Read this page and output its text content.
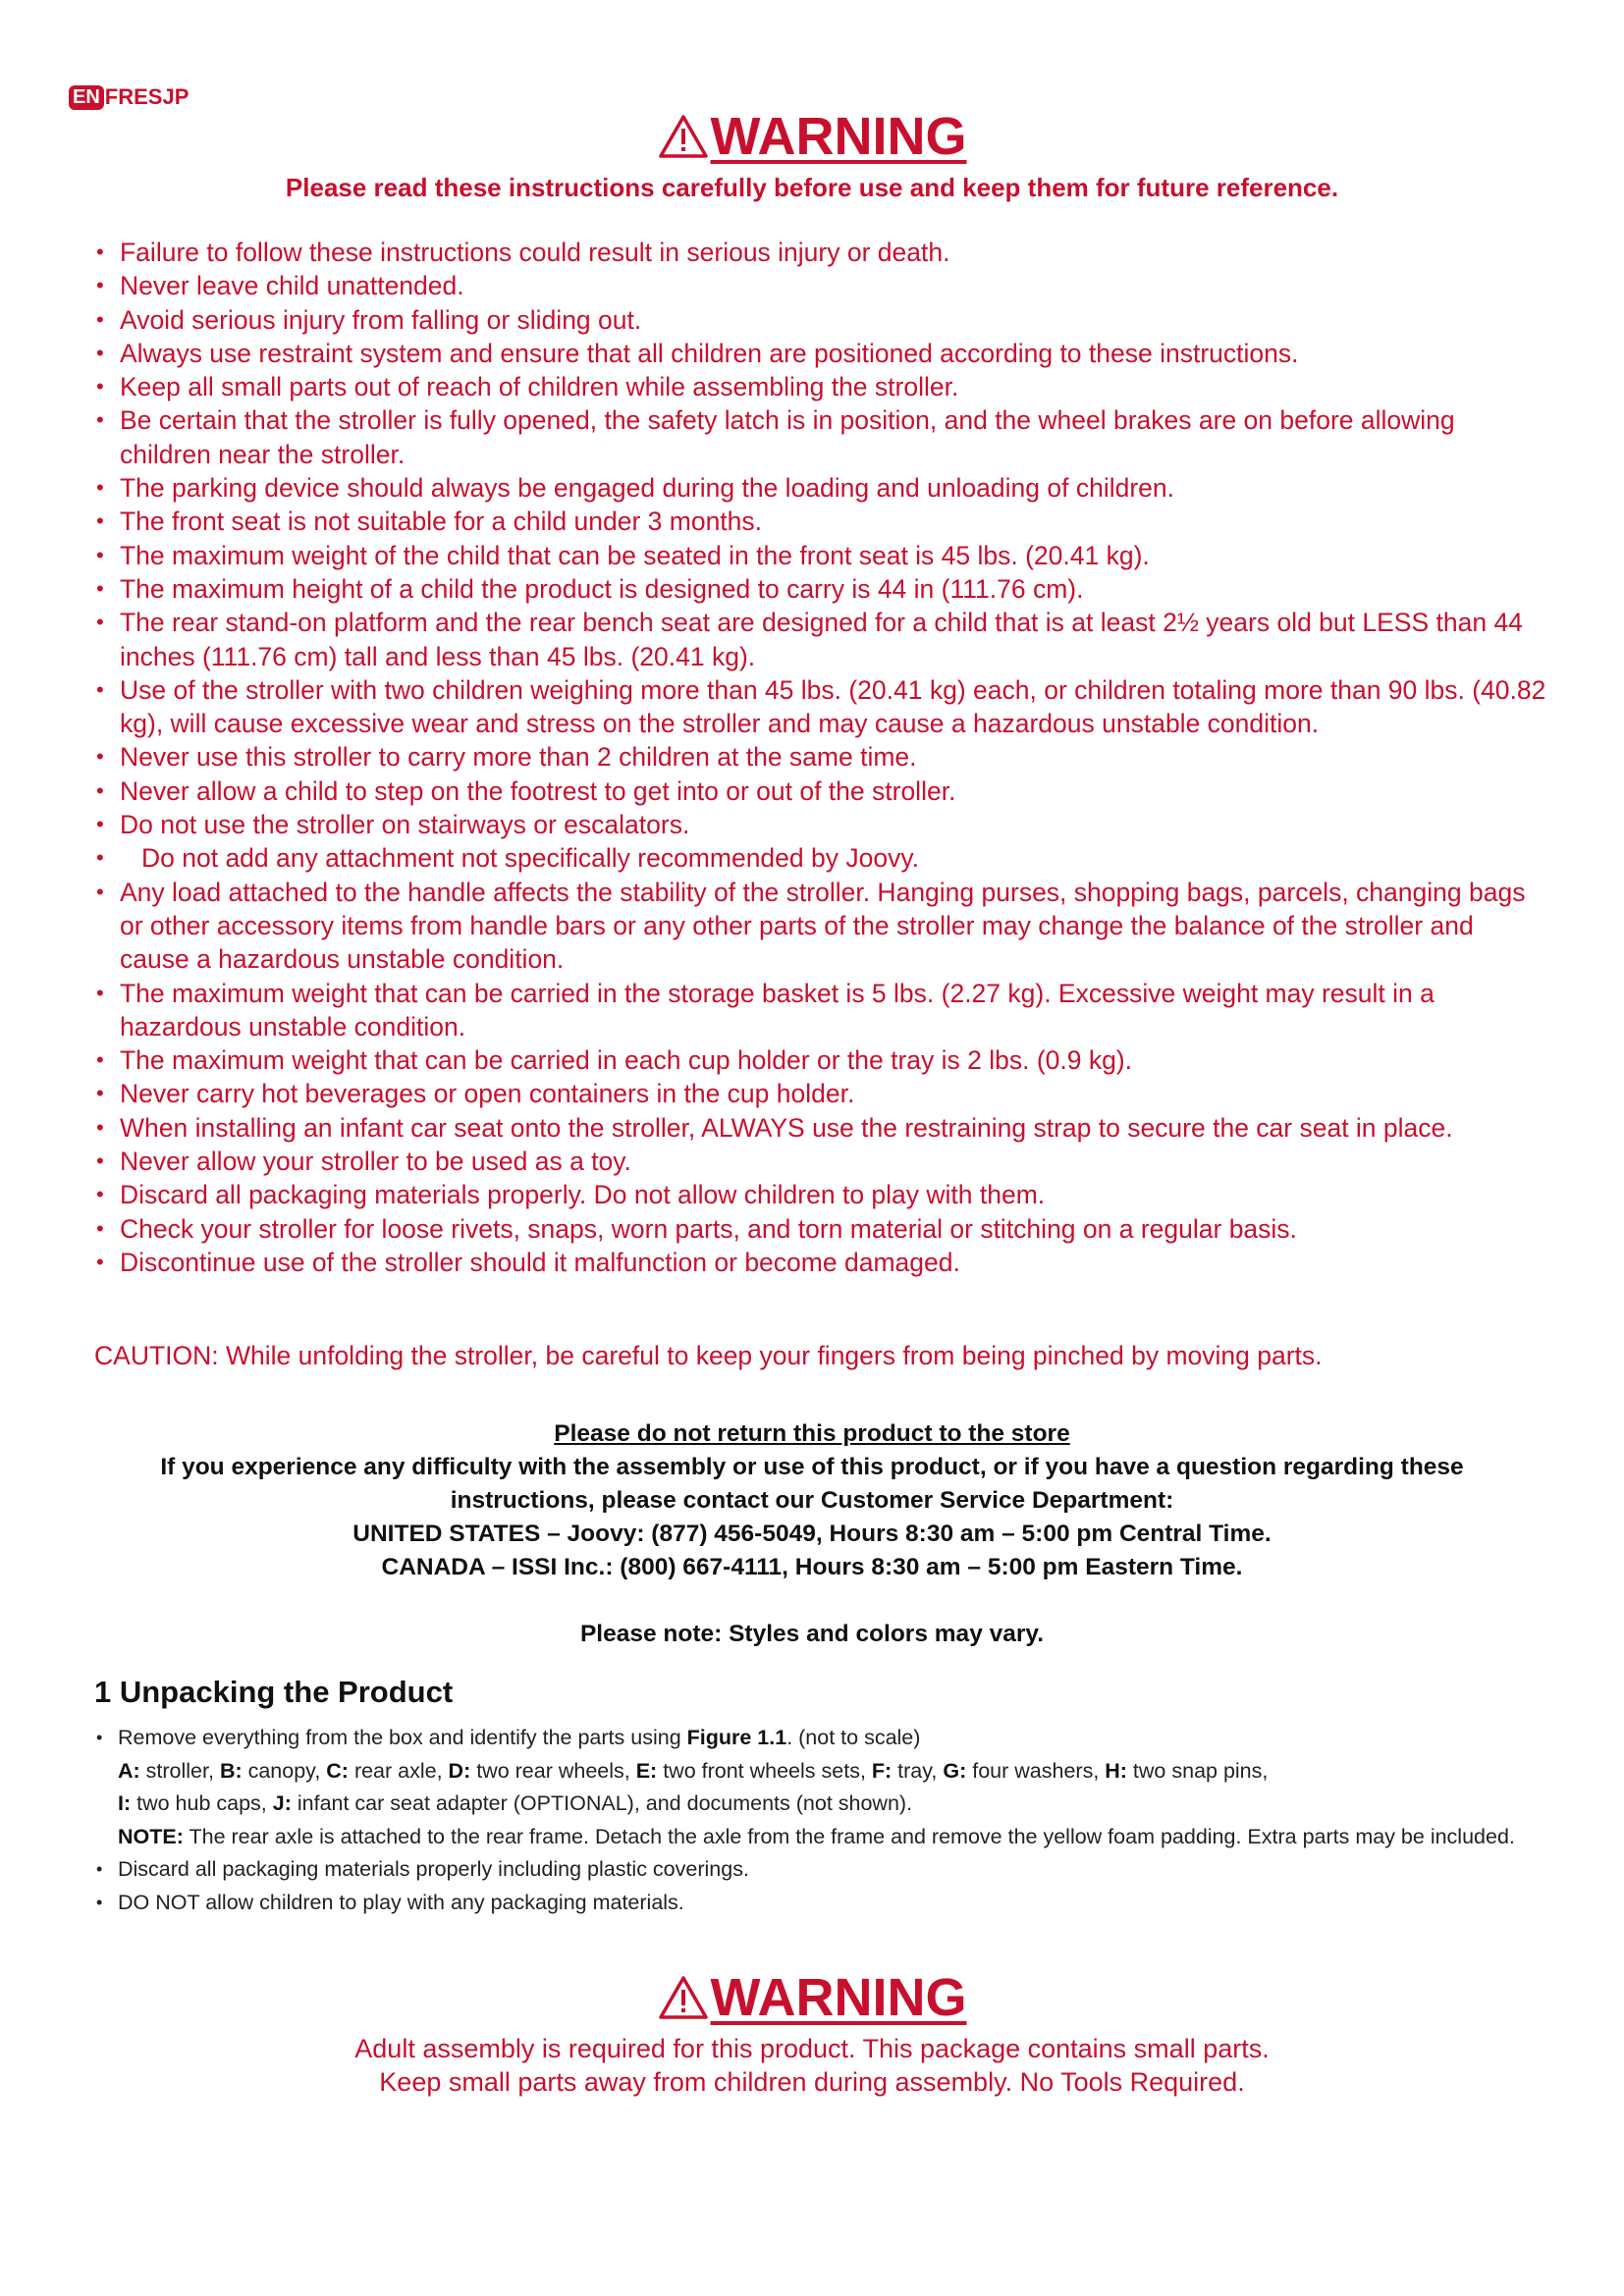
EN FRESJP
WARNING
Please read these instructions carefully before use and keep them for future reference.
• Failure to follow these instructions could result in serious injury or death.
• Never leave child unattended.
• Avoid serious injury from falling or sliding out.
• Always use restraint system and ensure that all children are positioned according to these instructions.
• Keep all small parts out of reach of children while assembling the stroller.
• Be certain that the stroller is fully opened, the safety latch is in position, and the wheel brakes are on before allowing children near the stroller.
• The parking device should always be engaged during the loading and unloading of children.
• The front seat is not suitable for a child under 3 months.
• The maximum weight of the child that can be seated in the front seat is 45 lbs. (20.41 kg).
• The maximum height of a child the product is designed to carry is 44 in (111.76 cm).
• The rear stand-on platform and the rear bench seat are designed for a child that is at least 2½ years old but LESS than 44 inches (111.76 cm) tall and less than 45 lbs. (20.41 kg).
• Use of the stroller with two children weighing more than 45 lbs. (20.41 kg) each, or children totaling more than 90 lbs. (40.82 kg), will cause excessive wear and stress on the stroller and may cause a hazardous unstable condition.
• Never use this stroller to carry more than 2 children at the same time.
• Never allow a child to step on the footrest to get into or out of the stroller.
• Do not use the stroller on stairways or escalators.
• Do not add any attachment not specifically recommended by Joovy.
• Any load attached to the handle affects the stability of the stroller. Hanging purses, shopping bags, parcels, changing bags or other accessory items from handle bars or any other parts of the stroller may change the balance of the stroller and cause a hazardous unstable condition.
• The maximum weight that can be carried in the storage basket is 5 lbs. (2.27 kg). Excessive weight may result in a hazardous unstable condition.
• The maximum weight that can be carried in each cup holder or the tray is 2 lbs. (0.9 kg).
• Never carry hot beverages or open containers in the cup holder.
• When installing an infant car seat onto the stroller, ALWAYS use the restraining strap to secure the car seat in place.
• Never allow your stroller to be used as a toy.
• Discard all packaging materials properly. Do not allow children to play with them.
• Check your stroller for loose rivets, snaps, worn parts, and torn material or stitching on a regular basis.
• Discontinue use of the stroller should it malfunction or become damaged.
CAUTION: While unfolding the stroller, be careful to keep your fingers from being pinched by moving parts.
Please do not return this product to the store
If you experience any difficulty with the assembly or use of this product, or if you have a question regarding these
instructions, please contact our Customer Service Department:
UNITED STATES – Joovy: (877) 456-5049, Hours 8:30 am – 5:00 pm Central Time.
CANADA – ISSI Inc.: (800) 667-4111, Hours 8:30 am – 5:00 pm Eastern Time.
Please note: Styles and colors may vary.
1 Unpacking the Product
• Remove everything from the box and identify the parts using Figure 1.1. (not to scale)
A: stroller, B: canopy, C: rear axle, D: two rear wheels, E: two front wheels sets, F: tray, G: four washers, H: two snap pins,
I: two hub caps, J: infant car seat adapter (OPTIONAL), and documents (not shown).
NOTE: The rear axle is attached to the rear frame. Detach the axle from the frame and remove the yellow foam padding. Extra parts may be included.
• Discard all packaging materials properly including plastic coverings.
• DO NOT allow children to play with any packaging materials.
WARNING
Adult assembly is required for this product. This package contains small parts.
Keep small parts away from children during assembly. No Tools Required.
